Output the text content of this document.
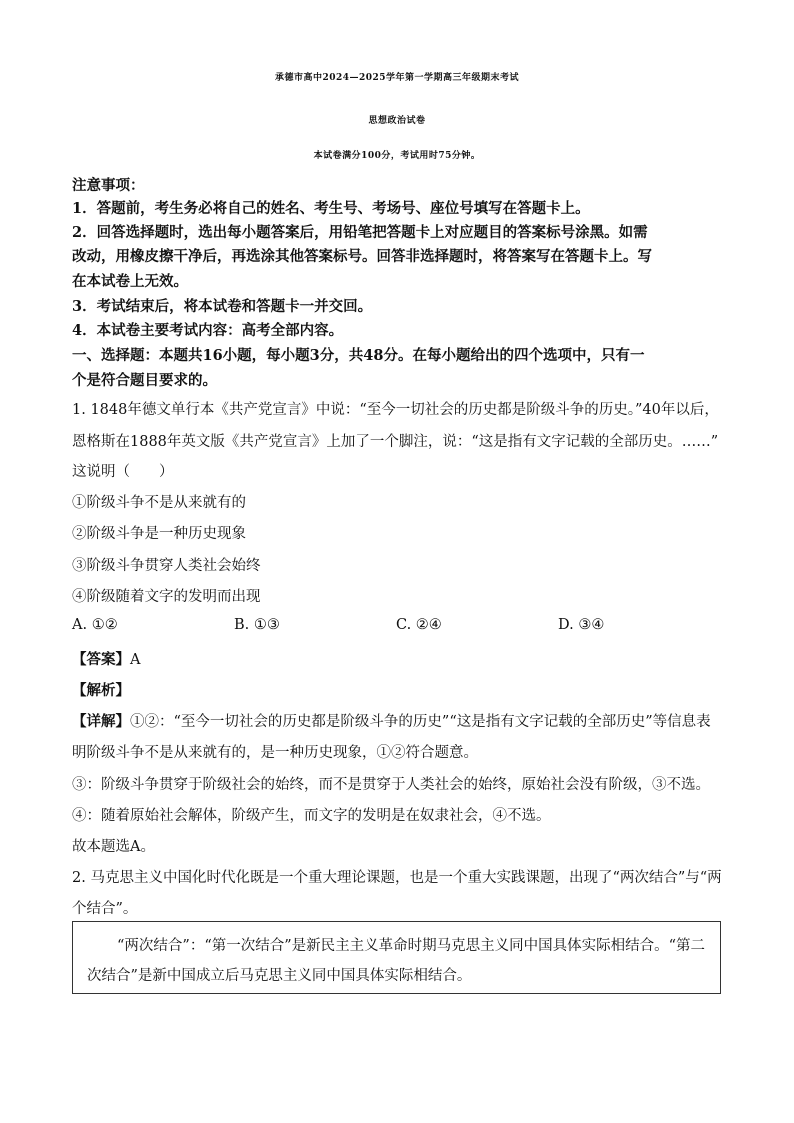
承德市高中2024—2025学年第一学期高三年级期末考试
思想政治试卷
本试卷满分100分，考试用时75分钟。
注意事项：
1．答题前，考生务必将自己的姓名、考生号、考场号、座位号填写在答题卡上。
2．回答选择题时，选出每小题答案后，用铅笔把答题卡上对应题目的答案标号涂黑。如需
改动，用橡皮擦干净后，再选涂其他答案标号。回答非选择题时，将答案写在答题卡上。写
在本试卷上无效。
3．考试结束后，将本试卷和答题卡一并交回。
4．本试卷主要考试内容：高考全部内容。
一、选择题：本题共16小题，每小题3分，共48分。在每小题给出的四个选项中，只有一
个是符合题目要求的。
1. 1848年德文单行本《共产党宣言》中说：“至今一切社会的历史都是阶级斗争的历史。”40年以后，
恩格斯在1888年英文版《共产党宣言》上加了一个脚注，说：“这是指有文字记载的全部历史。……”
这说明（　　）
①阶级斗争不是从来就有的
②阶级斗争是一种历史现象
③阶级斗争贯穿人类社会始终
④阶级随着文字的发明而出现
A. ①②	B. ①③	C. ②④	D. ③④
【答案】A
【解析】
【详解】①②：“至今一切社会的历史都是阶级斗争的历史”“这是指有文字记载的全部历史”等信息表
明阶级斗争不是从来就有的，是一种历史现象，①②符合题意。
③：阶级斗争贯穿于阶级社会的始终，而不是贯穿于人类社会的始终，原始社会没有阶级，③不选。
④：随着原始社会解体，阶级产生，而文字的发明是在奴隶社会，④不选。
故本题选A。
2. 马克思主义中国化时代化既是一个重大理论课题，也是一个重大实践课题，出现了“两次结合”与“两
个结合”。
“两次结合”：“第一次结合”是新民主主义革命时期马克思主义同中国具体实际相结合。“第二
次结合”是新中国成立后马克思主义同中国具体实际相结合。
